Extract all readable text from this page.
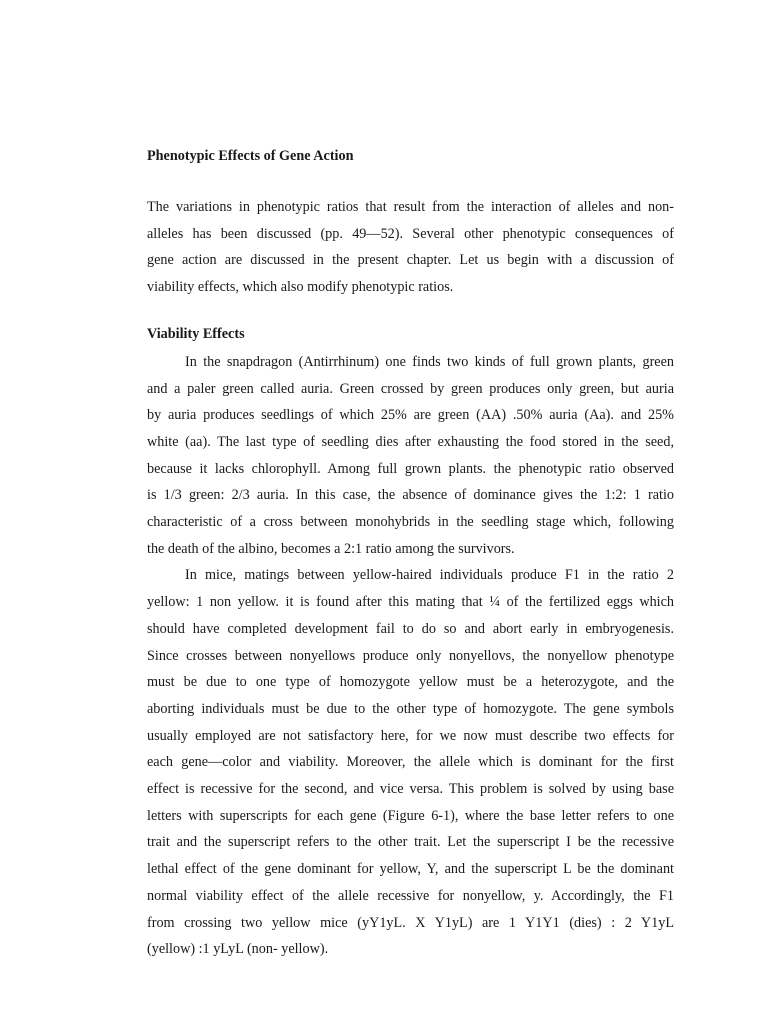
Phenotypic Effects of Gene Action

The variations in phenotypic ratios that result from the interaction of alleles and non-
alleles has been discussed (pp. 49—52). Several other phenotypic consequences of
gene action are discussed in the present chapter. Let us begin with a discussion of
viability effects, which also modify phenotypic ratios.

Viability Effects

In the snapdragon (Antirrhinum) one finds two kinds of full grown plants, green
and a paler green called auria. Green crossed by green produces only green, but auria
by auria produces seedlings of which 25% are green (AA) .50% auria (Aa). and 25%
white (aa). The last type of seedling dies after exhausting the food stored in the seed,
because it lacks chlorophyll. Among full grown plants. the phenotypic ratio observed
is 1/3 green: 2/3 auria. In this case, the absence of dominance gives the 1:2: 1 ratio
characteristic of a cross between monohybrids in the seedling stage which, following
the death of the albino, becomes a 2:1 ratio among the survivors.
In mice, matings between yellow-haired individuals produce F1 in the ratio 2
yellow: 1 non yellow. it is found after this mating that ¼ of the fertilized eggs which
should have completed development fail to do so and abort early in embryogenesis.
Since crosses between nonyellows produce only nonyellovs, the nonyellow phenotype
must be due to one type of homozygote yellow must be a heterozygote, and the
aborting individuals must be due to the other type of homozygote. The gene symbols
usually employed are not satisfactory here, for we now must describe two effects for
each gene—color and viability. Moreover, the allele which is dominant for the first
effect is recessive for the second, and vice versa. This problem is solved by using base
letters with superscripts for each gene (Figure 6-1), where the base letter refers to one
trait and the superscript refers to the other trait. Let the superscript I be the recessive
lethal effect of the gene dominant for yellow, Y, and the superscript L be the dominant
normal viability effect of the allele recessive for nonyellow, y. Accordingly, the F1
from crossing two yellow mice (yY1yL. X Y1yL) are 1 Y1Y1 (dies) : 2 Y1yL
(yellow) :1 yLyL (non- yellow).
